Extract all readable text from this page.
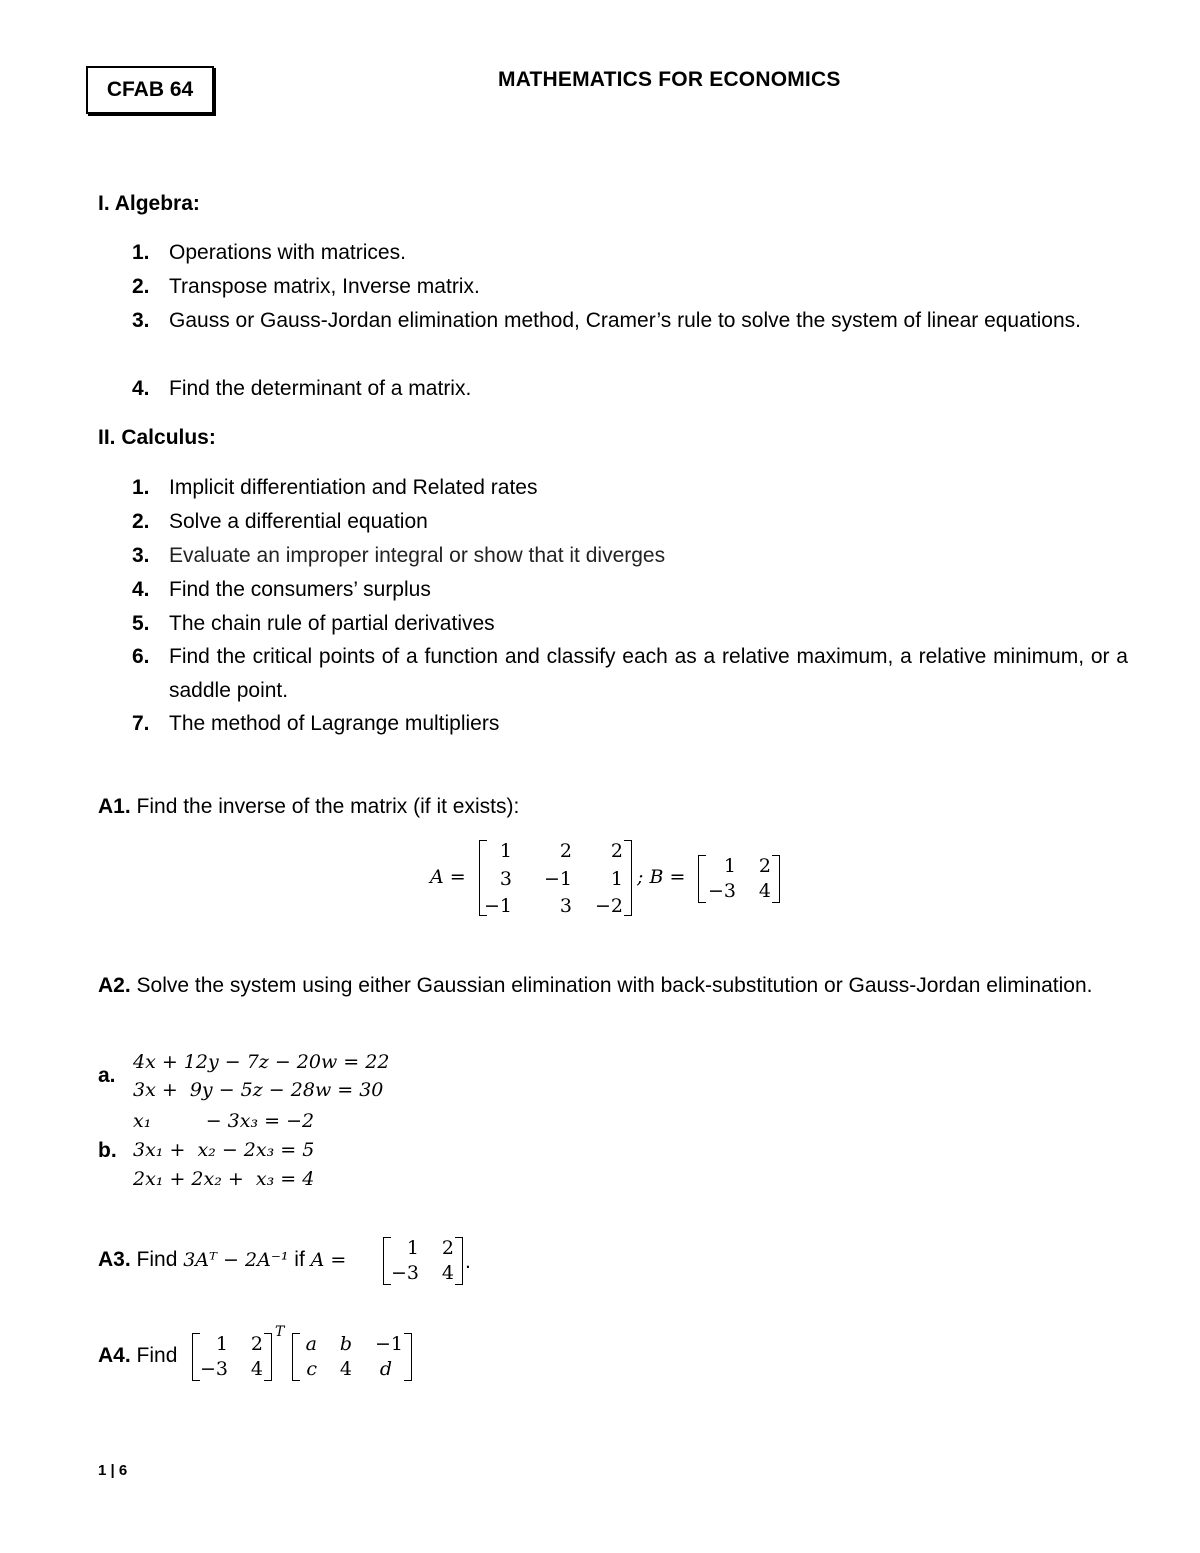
CFAB 64	MATHEMATICS FOR ECONOMICS
I. Algebra:
1. Operations with matrices.
2. Transpose matrix, Inverse matrix.
3. Gauss or Gauss-Jordan elimination method, Cramer’s rule to solve the system of linear equations.
4. Find the determinant of a matrix.
II. Calculus:
1. Implicit differentiation and Related rates
2. Solve a differential equation
3. Evaluate an improper integral or show that it diverges
4. Find the consumers’ surplus
5. The chain rule of partial derivatives
6. Find the critical points of a function and classify each as a relative maximum, a relative minimum, or a saddle point.
7. The method of Lagrange multipliers
A1. Find the inverse of the matrix (if it exists):
A =
1	2 2
3 −1 1
−1	3 −2
; B = 1 2
−3 4
A2. Solve the system using either Gaussian elimination with back-substitution or Gauss-Jordan elimination.
a.
4x + 12y − 7z − 20w = 22
3x +  9y − 5z − 28w = 30
x₁         − 3x₃ = −2
b. 3x₁ +  x₂ − 2x₃ = 5
2x₁ + 2x₂ +  x₃ = 4
A3. Find 3Aᵀ − 2A⁻¹ if A =
1 2
−3 4 .
A4. Find 1 2
−3 4
T
a b −1
c 4 d
1 | 6
